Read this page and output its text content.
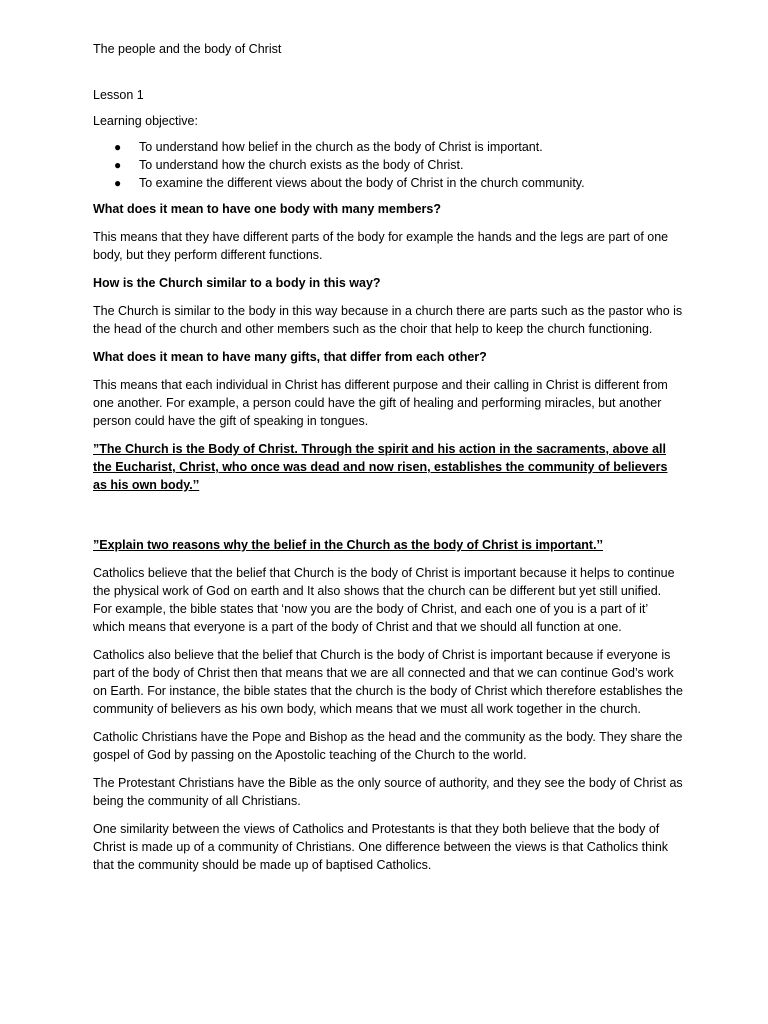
The people and the body of Christ

Lesson 1

Learning objective:

● To understand how belief in the church as the body of Christ is important.
● To understand how the church exists as the body of Christ.
● To examine the different views about the body of Christ in the church community.

What does it mean to have one body with many members?

This means that they have different parts of the body for example the hands and the legs are part of one body, but they perform different functions.

How is the Church similar to a body in this way?

The Church is similar to the body in this way because in a church there are parts such as the pastor who is the head of the church and other members such as the choir that help to keep the church functioning.

What does it mean to have many gifts, that differ from each other?

This means that each individual in Christ has different purpose and their calling in Christ is different from one another. For example, a person could have the gift of healing and performing miracles, but another person could have the gift of speaking in tongues.

”The Church is the Body of Christ. Through the spirit and his action in the sacraments, above all the Eucharist, Christ, who once was dead and now risen, establishes the community of believers as his own body.’’

”Explain two reasons why the belief in the Church as the body of Christ is important.’’

Catholics believe that the belief that Church is the body of Christ is important because it helps to continue the physical work of God on earth and It also shows that the church can be different but yet still unified. For example, the bible states that ‘now you are the body of Christ, and each one of you is a part of it’ which means that everyone is a part of the body of Christ and that we should all function at one.

Catholics also believe that the belief that Church is the body of Christ is important because if everyone is part of the body of Christ then that means that we are all connected and that we can continue God’s work on Earth. For instance, the bible states that the church is the body of Christ which therefore establishes the community of believers as his own body, which means that we must all work together in the church.

Catholic Christians have the Pope and Bishop as the head and the community as the body. They share the gospel of God by passing on the Apostolic teaching of the Church to the world.

The Protestant Christians have the Bible as the only source of authority, and they see the body of Christ as being the community of all Christians.

One similarity between the views of Catholics and Protestants is that they both believe that the body of Christ is made up of a community of Christians. One difference between the views is that Catholics think that the community should be made up of baptised Catholics.
